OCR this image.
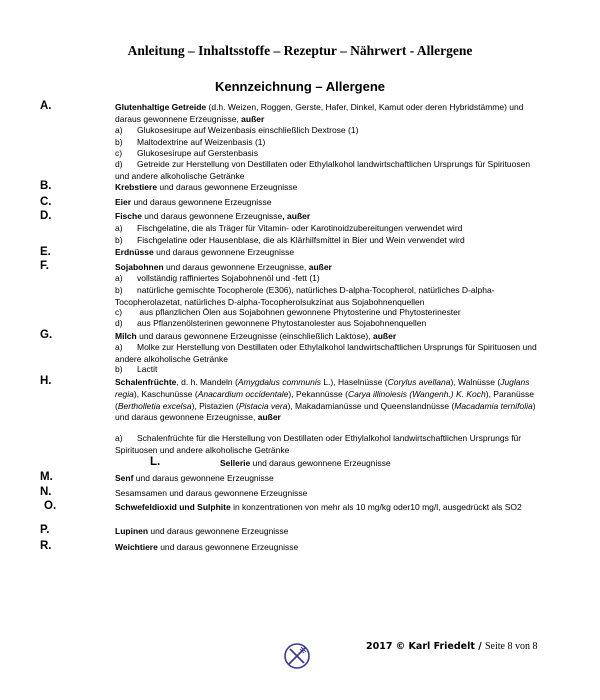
Anleitung – Inhaltsstoffe – Rezeptur – Nährwert - Allergene
Kennzeichnung – Allergene
A.	Glutenhaltige Getreide (d.h. Weizen, Roggen, Gerste, Hafer, Dinkel, Kamut oder deren Hybridstämme) und daraus gewonnene Erzeugnisse, außer
a) Glukosesirupe auf Weizenbasis einschließlich Dextrose (1)
b) Maltodextrine auf Weizenbasis (1)
c) Glukosesirupe auf Gerstenbasis
d) Getreide zur Herstellung von Destillaten oder Ethylalkohol landwirtschaftlichen Ursprungs für Spirituosen und andere alkoholische Getränke
B.	Krebstiere und daraus gewonnene Erzeugnisse
C.	Eier und daraus gewonnene Erzeugnisse
D.	Fische und daraus gewonnene Erzeugnisse, außer
a) Fischgelatine, die als Träger für Vitamin- oder Karotinoidzubereitungen verwendet wird
b) Fischgelatine oder Hausenblase, die als Klärhilfsmittel in Bier und Wein verwendet wird
E.	Erdnüsse und daraus gewonnene Erzeugnisse
F.	Sojabohnen und daraus gewonnene Erzeugnisse, außer
a) vollständig raffiniertes Sojabohnenöl und -fett (1)
b) natürliche gemischte Tocopherole (E306), natürliches D-alpha-Tocopherol, natürliches D-alpha-Tocopherolazetat, natürliches D-alpha-Tocopherolsukzinat aus Sojabohnenquellen
c) aus pflanzlichen Ölen aus Sojabohnen gewonnene Phytosterine und Phytosterinester
d) aus Pflanzenölsterinen gewonnene Phytostanolester aus Sojabohnenquellen
G.	Milch und daraus gewonnene Erzeugnisse (einschließlich Laktose), außer
a) Molke zur Herstellung von Destillaten oder Ethylalkohol landwirtschaftlichen Ursprungs für Spirituosen und andere alkoholische Getränke
b) Lactit
H.	Schalenfrüchte, d. h. Mandeln (Amygdalus communis L.), Haselnüsse (Corylus avellana), Walnüsse (Juglans regia), Kaschunüsse (Anacardium occidentale), Pekannüsse (Carya illinoiesis (Wangenh.) K. Koch), Paranüsse (Bertholletia excelsa), Pistazien (Pistacia vera), Makadamianüsse und Queenslandnüsse (Macadamia ternifolia) und daraus gewonnene Erzeugnisse, außer
a) Schalenfrüchte für die Herstellung von Destillaten oder Ethylalkohol landwirtschaftlichen Ursprungs für Spirituosen und andere alkoholische Getränke
L.	Sellerie und daraus gewonnene Erzeugnisse
M.	Senf und daraus gewonnene Erzeugnisse
N.	Sesamsamen und daraus gewonnene Erzeugnisse
O.	Schwefeldioxid und Sulphite in konzentrationen von mehr als 10 mg/kg oder10 mg/l, ausgedrückt als SO2
P.	Lupinen und daraus gewonnene Erzeugnisse
R.	Weichtiere und daraus gewonnene Erzeugnisse
2017 © Karl Friedelt / Seite 8 von 8
